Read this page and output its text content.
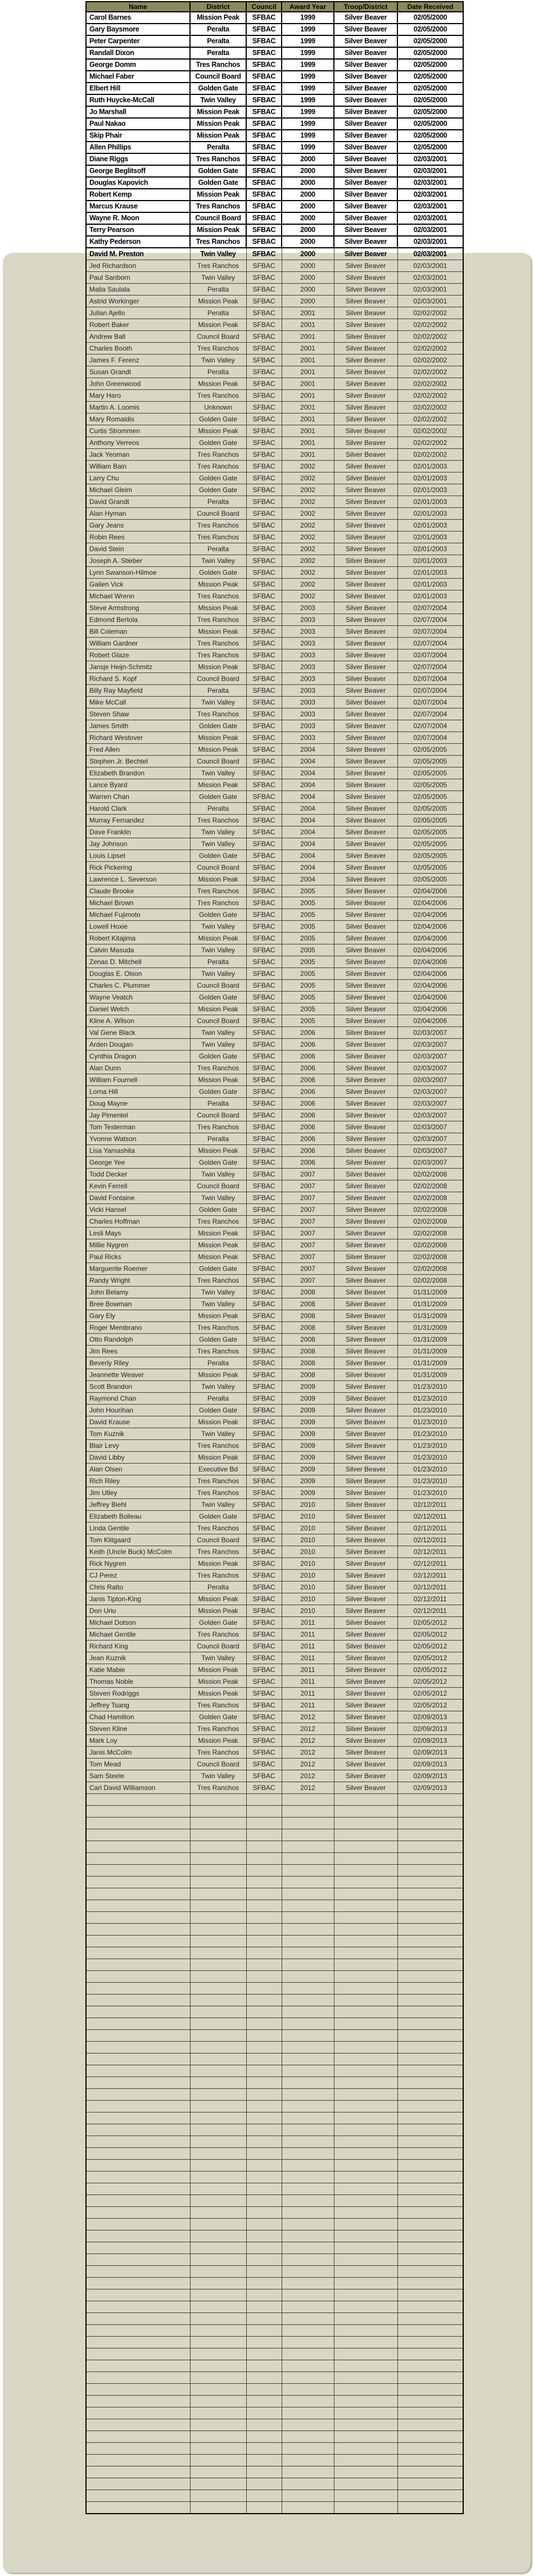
Name	District	Council	Award Year	Troop/District	Date Received
Carol Barnes	Mission Peak	SFBAC	1999	Silver Beaver	02/05/2000
Gary Baysmore	Peralta	SFBAC	1999	Silver Beaver	02/05/2000
Peter Carpenter	Peralta	SFBAC	1999	Silver Beaver	02/05/2000
Randall Dixon	Peralta	SFBAC	1999	Silver Beaver	02/05/2000
George Domm	Tres Ranchos	SFBAC	1999	Silver Beaver	02/05/2000
Michael Faber	Council Board	SFBAC	1999	Silver Beaver	02/05/2000
Elbert Hill	Golden Gate	SFBAC	1999	Silver Beaver	02/05/2000
Ruth Huycke-McCall	Twin Valley	SFBAC	1999	Silver Beaver	02/05/2000
Jo Marshall	Mission Peak	SFBAC	1999	Silver Beaver	02/05/2000
Paul Nakao	Mission Peak	SFBAC	1999	Silver Beaver	02/05/2000
Skip Phair	Mission Peak	SFBAC	1999	Silver Beaver	02/05/2000
Allen Phillips	Peralta	SFBAC	1999	Silver Beaver	02/05/2000
Diane Riggs	Tres Ranchos	SFBAC	2000	Silver Beaver	02/03/2001
George Beglitsoff	Golden Gate	SFBAC	2000	Silver Beaver	02/03/2001
Douglas Kapovich	Golden Gate	SFBAC	2000	Silver Beaver	02/03/2001
Robert Kemp	Mission Peak	SFBAC	2000	Silver Beaver	02/03/2001
Marcus Krause	Tres Ranchos	SFBAC	2000	Silver Beaver	02/03/2001
Wayne R. Moon	Council Board	SFBAC	2000	Silver Beaver	02/03/2001
Terry Pearson	Mission Peak	SFBAC	2000	Silver Beaver	02/03/2001
Kathy Pederson	Tres Ranchos	SFBAC	2000	Silver Beaver	02/03/2001
David M. Preston	Twin Valley	SFBAC	2000	Silver Beaver	02/03/2001
Jed Richardson	Tres Ranchos	SFBAC	2000	Silver Beaver	02/03/2001
Paul Sanborn	Twin Valley	SFBAC	2000	Silver Beaver	02/03/2001
Malia Saulala	Peralta	SFBAC	2000	Silver Beaver	02/03/2001
Astrid Workinger	Mission Peak	SFBAC	2000	Silver Beaver	02/03/2001
Julian Ajello	Peralta	SFBAC	2001	Silver Beaver	02/02/2002
Robert Baker	Mission Peak	SFBAC	2001	Silver Beaver	02/02/2002
Andrew Ball	Council Board	SFBAC	2001	Silver Beaver	02/02/2002
Charles Booth	Tres Ranchos	SFBAC	2001	Silver Beaver	02/02/2002
James F. Ferenz	Twin Valley	SFBAC	2001	Silver Beaver	02/02/2002
Susan Grandt	Peralta	SFBAC	2001	Silver Beaver	02/02/2002
John Greenwood	Mission Peak	SFBAC	2001	Silver Beaver	02/02/2002
Mary Haro	Tres Ranchos	SFBAC	2001	Silver Beaver	02/02/2002
Martin A. Loomis	Unknown	SFBAC	2001	Silver Beaver	02/02/2002
Mary Romaidis	Golden Gate	SFBAC	2001	Silver Beaver	02/02/2002
Curtis Strommen	Mission Peak	SFBAC	2001	Silver Beaver	02/02/2002
Anthony Verreos	Golden Gate	SFBAC	2001	Silver Beaver	02/02/2002
Jack Yeoman	Tres Ranchos	SFBAC	2001	Silver Beaver	02/02/2002
William Bain	Tres Ranchos	SFBAC	2002	Silver Beaver	02/01/2003
Larry Chu	Golden Gate	SFBAC	2002	Silver Beaver	02/01/2003
Michael Gleim	Golden Gate	SFBAC	2002	Silver Beaver	02/01/2003
David Grandt	Peralta	SFBAC	2002	Silver Beaver	02/01/2003
Alan Hyman	Council Board	SFBAC	2002	Silver Beaver	02/01/2003
Gary Jeans	Tres Ranchos	SFBAC	2002	Silver Beaver	02/01/2003
Robin Rees	Tres Ranchos	SFBAC	2002	Silver Beaver	02/01/2003
David Stein	Peralta	SFBAC	2002	Silver Beaver	02/01/2003
Joseph A. Stieber	Twin Valley	SFBAC	2002	Silver Beaver	02/01/2003
Lynn Swanson-Hilmoe	Golden Gate	SFBAC	2002	Silver Beaver	02/01/2003
Gailen Vick	Mission Peak	SFBAC	2002	Silver Beaver	02/01/2003
Michael Wrenn	Tres Ranchos	SFBAC	2002	Silver Beaver	02/01/2003
Steve Armstrong	Mission Peak	SFBAC	2003	Silver Beaver	02/07/2004
Edmond Bertola	Tres Ranchos	SFBAC	2003	Silver Beaver	02/07/2004
Bill Coleman	Mission Peak	SFBAC	2003	Silver Beaver	02/07/2004
William Gardner	Tres Ranchos	SFBAC	2003	Silver Beaver	02/07/2004
Robert Glaze	Tres Ranchos	SFBAC	2003	Silver Beaver	02/07/2004
Jansje Heijn-Schmitz	Mission Peak	SFBAC	2003	Silver Beaver	02/07/2004
Richard S. Kopf	Council Board	SFBAC	2003	Silver Beaver	02/07/2004
Billy Ray Mayfield	Peralta	SFBAC	2003	Silver Beaver	02/07/2004
Mike McCall	Twin Valley	SFBAC	2003	Silver Beaver	02/07/2004
Steven Shaw	Tres Ranchos	SFBAC	2003	Silver Beaver	02/07/2004
James Smith	Golden Gate	SFBAC	2003	Silver Beaver	02/07/2004
Richard Westover	Mission Peak	SFBAC	2003	Silver Beaver	02/07/2004
Fred Allen	Mission Peak	SFBAC	2004	Silver Beaver	02/05/2005
Stephen Jr. Bechtel	Council Board	SFBAC	2004	Silver Beaver	02/05/2005
Elizabeth Brandon	Twin Valley	SFBAC	2004	Silver Beaver	02/05/2005
Lance Byard	Mission Peak	SFBAC	2004	Silver Beaver	02/05/2005
Warren Chan	Golden Gate	SFBAC	2004	Silver Beaver	02/05/2005
Harold Clark	Peralta	SFBAC	2004	Silver Beaver	02/05/2005
Murray Fernandez	Tres Ranchos	SFBAC	2004	Silver Beaver	02/05/2005
Dave Franklin	Twin Valley	SFBAC	2004	Silver Beaver	02/05/2005
Jay Johnson	Twin Valley	SFBAC	2004	Silver Beaver	02/05/2005
Louis Lipset	Golden Gate	SFBAC	2004	Silver Beaver	02/05/2005
Rick Pickering	Council Board	SFBAC	2004	Silver Beaver	02/05/2005
Lawrence L. Severson	Mission Peak	SFBAC	2004	Silver Beaver	02/05/2005
Claude Brooke	Tres Ranchos	SFBAC	2005	Silver Beaver	02/04/2006
Michael Brown	Tres Ranchos	SFBAC	2005	Silver Beaver	02/04/2006
Michael Fujimoto	Golden Gate	SFBAC	2005	Silver Beaver	02/04/2006
Lowell Hoxie	Twin Valley	SFBAC	2005	Silver Beaver	02/04/2006
Robert Kitajima	Mission Peak	SFBAC	2005	Silver Beaver	02/04/2006
Calvin Masuda	Twin Valley	SFBAC	2005	Silver Beaver	02/04/2006
Zenas D. Mitchell	Peralta	SFBAC	2005	Silver Beaver	02/04/2006
Douglas E. Olson	Twin Valley	SFBAC	2005	Silver Beaver	02/04/2006
Charles C. Plummer	Council Board	SFBAC	2005	Silver Beaver	02/04/2006
Wayne Veatch	Golden Gate	SFBAC	2005	Silver Beaver	02/04/2006
Daniel Welch	Mission Peak	SFBAC	2005	Silver Beaver	02/04/2006
Kline A. Wilson	Council Board	SFBAC	2005	Silver Beaver	02/04/2006
Val Gene Black	Twin Valley	SFBAC	2006	Silver Beaver	02/03/2007
Arden Dougan	Twin Valley	SFBAC	2006	Silver Beaver	02/03/2007
Cynthia Dragon	Golden Gate	SFBAC	2006	Silver Beaver	02/03/2007
Alan Dunn	Tres Ranchos	SFBAC	2006	Silver Beaver	02/03/2007
William Fournell	Mission Peak	SFBAC	2006	Silver Beaver	02/03/2007
Lorna Hill	Golden Gate	SFBAC	2006	Silver Beaver	02/03/2007
Doug Mayne	Peralta	SFBAC	2006	Silver Beaver	02/03/2007
Jay Pimentel	Council Board	SFBAC	2006	Silver Beaver	02/03/2007
Tom Testerman	Tres Ranchos	SFBAC	2006	Silver Beaver	02/03/2007
Yvonne Watson	Peralta	SFBAC	2006	Silver Beaver	02/03/2007
Lisa Yamashita	Mission Peak	SFBAC	2006	Silver Beaver	02/03/2007
George Yee	Golden Gate	SFBAC	2006	Silver Beaver	02/03/2007
Todd Decker	Twin Valley	SFBAC	2007	Silver Beaver	02/02/2008
Kevin Ferrell	Council Board	SFBAC	2007	Silver Beaver	02/02/2008
David Fontaine	Twin Valley	SFBAC	2007	Silver Beaver	02/02/2008
Vicki Hansel	Golden Gate	SFBAC	2007	Silver Beaver	02/02/2008
Charles Hoffman	Tres Ranchos	SFBAC	2007	Silver Beaver	02/02/2008
Lesli Mays	Mission Peak	SFBAC	2007	Silver Beaver	02/02/2008
Millie Nygren	Mission Peak	SFBAC	2007	Silver Beaver	02/02/2008
Paul Ricks	Mission Peak	SFBAC	2007	Silver Beaver	02/02/2008
Marguerite Roemer	Golden Gate	SFBAC	2007	Silver Beaver	02/02/2008
Randy Wright	Tres Ranchos	SFBAC	2007	Silver Beaver	02/02/2008
John Belamy	Twin Valley	SFBAC	2008	Silver Beaver	01/31/2009
Bree Bowman	Twin Valley	SFBAC	2008	Silver Beaver	01/31/2009
Gary Ely	Mission Peak	SFBAC	2008	Silver Beaver	01/31/2009
Roger Membrano	Tres Ranchos	SFBAC	2008	Silver Beaver	01/31/2009
Otto Randolph	Golden Gate	SFBAC	2008	Silver Beaver	01/31/2009
Jim Rees	Tres Ranchos	SFBAC	2008	Silver Beaver	01/31/2009
Beverly Riley	Peralta	SFBAC	2008	Silver Beaver	01/31/2009
Jeannette Weaver	Mission Peak	SFBAC	2008	Silver Beaver	01/31/2009
Scott Brandon	Twin Valley	SFBAC	2009	Silver Beaver	01/23/2010
Raymond Chan	Peralta	SFBAC	2009	Silver Beaver	01/23/2010
John Hourihan	Golden Gate	SFBAC	2009	Silver Beaver	01/23/2010
David Krause	Mission Peak	SFBAC	2009	Silver Beaver	01/23/2010
Tom Kuznik	Twin Valley	SFBAC	2009	Silver Beaver	01/23/2010
Blair Levy	Tres Ranchos	SFBAC	2009	Silver Beaver	01/23/2010
David Libby	Mission Peak	SFBAC	2009	Silver Beaver	01/23/2010
Alan Olsen	Executive Bd	SFBAC	2009	Silver Beaver	01/23/2010
Rich Riley	Tres Ranchos	SFBAC	2009	Silver Beaver	01/23/2010
Jim Utley	Tres Ranchos	SFBAC	2009	Silver Beaver	01/23/2010
Jeffrey Biehl	Twin Valley	SFBAC	2010	Silver Beaver	02/12/2011
Elizabeth Boileau	Golden Gate	SFBAC	2010	Silver Beaver	02/12/2011
Linda Gentile	Tres Ranchos	SFBAC	2010	Silver Beaver	02/12/2011
Tom Klitgaard	Council Board	SFBAC	2010	Silver Beaver	02/12/2011
Keith (Uncle Buck) McColm	Tres Ranchos	SFBAC	2010	Silver Beaver	02/12/2011
Rick Nygren	Mission Peak	SFBAC	2010	Silver Beaver	02/12/2011
CJ Perez	Tres Ranchos	SFBAC	2010	Silver Beaver	02/12/2011
Chris Ratto	Peralta	SFBAC	2010	Silver Beaver	02/12/2011
Janis Tipton-King	Mission Peak	SFBAC	2010	Silver Beaver	02/12/2011
Don Uriu	Mission Peak	SFBAC	2010	Silver Beaver	02/12/2011
Michael Dotson	Golden Gate	SFBAC	2011	Silver Beaver	02/05/2012
Michael Gentile	Tres Ranchos	SFBAC	2011	Silver Beaver	02/05/2012
Richard King	Council Board	SFBAC	2011	Silver Beaver	02/05/2012
Jean Kuznik	Twin Valley	SFBAC	2011	Silver Beaver	02/05/2012
Katie Mabie	Mission Peak	SFBAC	2011	Silver Beaver	02/05/2012
Thomas Noble	Mission Peak	SFBAC	2011	Silver Beaver	02/05/2012
Steven Rodriggs	Mission Peak	SFBAC	2011	Silver Beaver	02/05/2012
Jeffrey Tsang	Tres Ranchos	SFBAC	2011	Silver Beaver	02/05/2012
Chad Hamilton	Golden Gate	SFBAC	2012	Silver Beaver	02/09/2013
Steven Kline	Tres Ranchos	SFBAC	2012	Silver Beaver	02/09/2013
Mark Loy	Mission Peak	SFBAC	2012	Silver Beaver	02/09/2013
Janis McColm	Tres Ranchos	SFBAC	2012	Silver Beaver	02/09/2013
Tom Mead	Council Board	SFBAC	2012	Silver Beaver	02/09/2013
Sam Steele	Twin Valley	SFBAC	2012	Silver Beaver	02/09/2013
Carl David Williamson	Tres Ranchos	SFBAC	2012	Silver Beaver	02/09/2013
